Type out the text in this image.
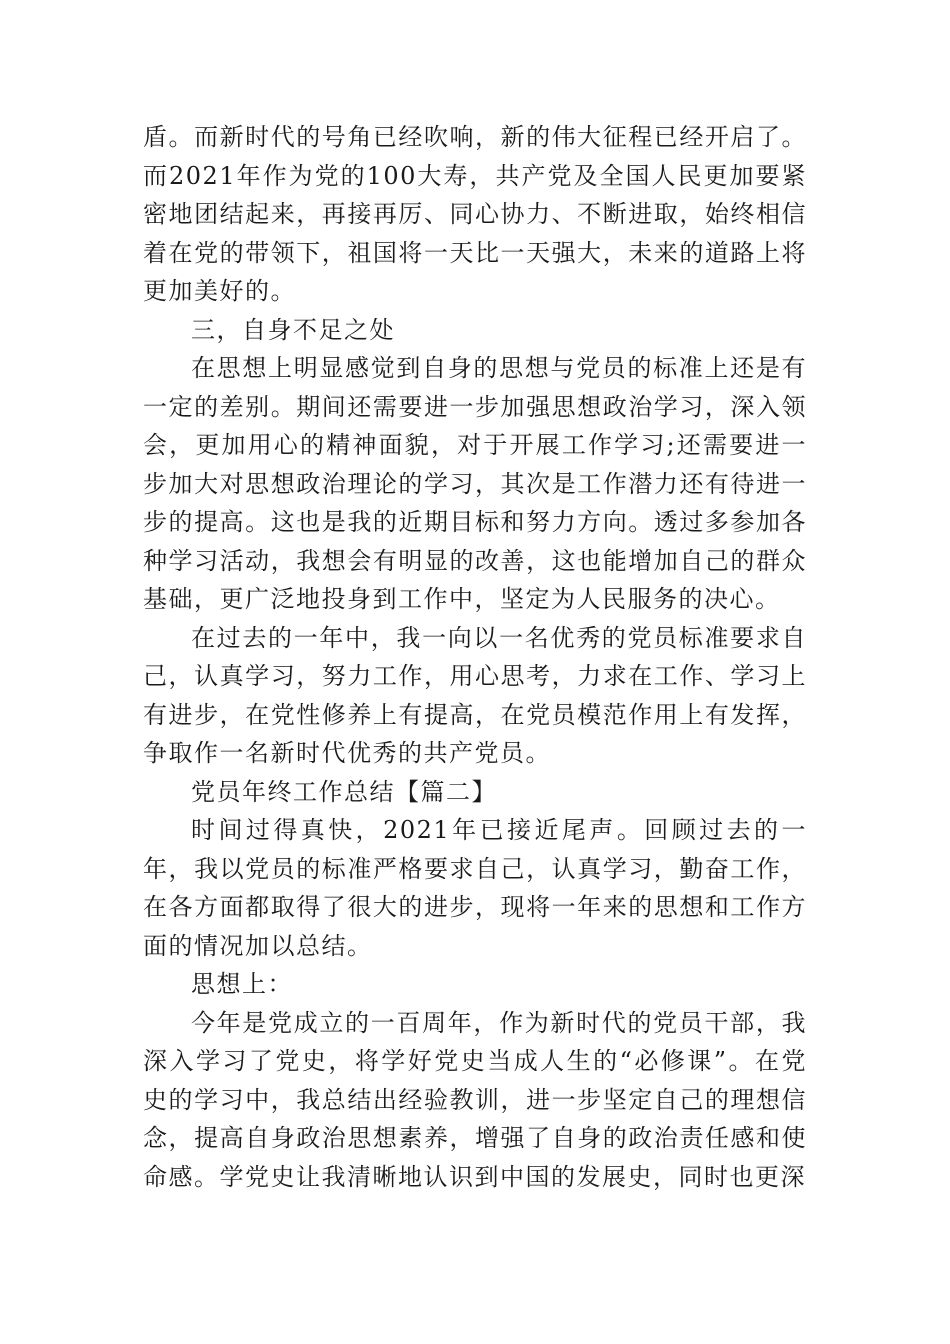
盾。而新时代的号角已经吹响，新的伟大征程已经开启了。而2021年作为党的100大寿，共产党及全国人民更加要紧密地团结起来，再接再厉、同心协力、不断进取，始终相信着在党的带领下，祖国将一天比一天强大，未来的道路上将更加美好的。

三，自身不足之处

在思想上明显感觉到自身的思想与党员的标准上还是有一定的差别。期间还需要进一步加强思想政治学习，深入领会，更加用心的精神面貌，对于开展工作学习;还需要进一步加大对思想政治理论的学习，其次是工作潜力还有待进一步的提高。这也是我的近期目标和努力方向。透过多参加各种学习活动，我想会有明显的改善，这也能增加自己的群众基础，更广泛地投身到工作中，坚定为人民服务的决心。

在过去的一年中，我一向以一名优秀的党员标准要求自己，认真学习，努力工作，用心思考，力求在工作、学习上有进步，在党性修养上有提高，在党员模范作用上有发挥，争取作一名新时代优秀的共产党员。

党员年终工作总结【篇二】

时间过得真快，2021年已接近尾声。回顾过去的一年，我以党员的标准严格要求自己，认真学习，勤奋工作，在各方面都取得了很大的进步，现将一年来的思想和工作方面的情况加以总结。

思想上：

今年是党成立的一百周年，作为新时代的党员干部，我深入学习了党史，将学好党史当成人生的“必修课”。在党史的学习中，我总结出经验教训，进一步坚定自己的理想信念，提高自身政治思想素养，增强了自身的政治责任感和使命感。学党史让我清晰地认识到中国的发展史，同时也更深
